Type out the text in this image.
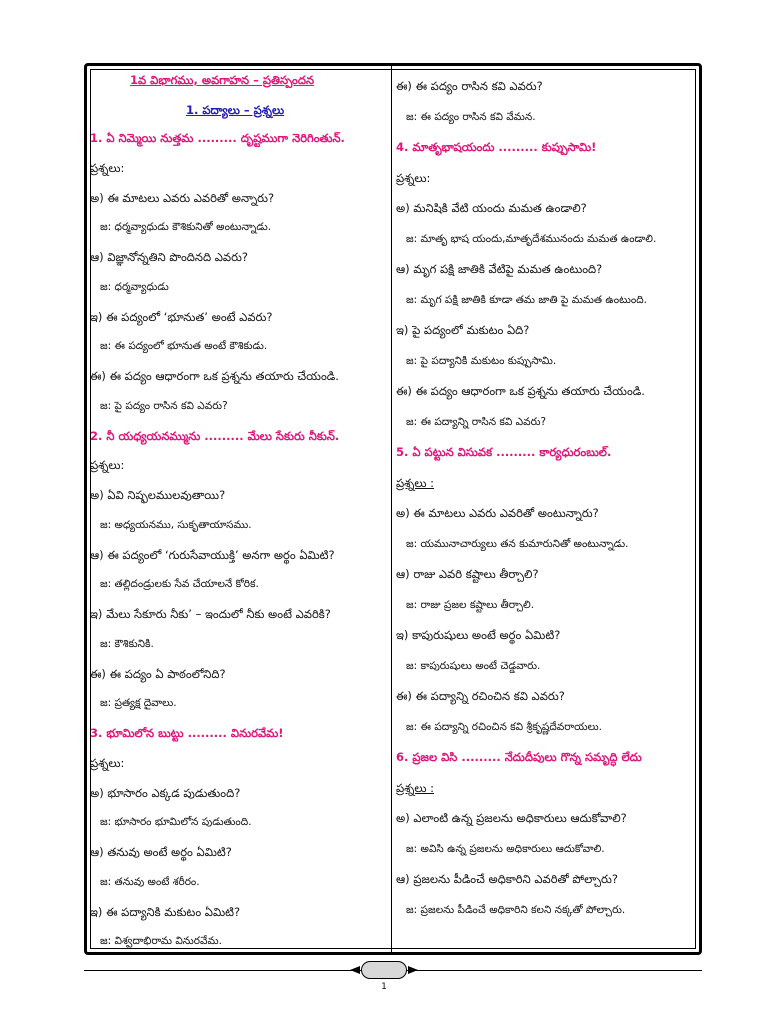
1వ విభాగము, అవగాహన – ప్రతిస్పందన
1. పద్యాలు – ప్రశ్నలు
1. ఏ నిమ్మెయి నుత్తమ ......... దృష్టముగా నెరిగింతున్.
ప్రశ్నలు:
అ) ఈ మాటలు ఎవరు ఎవరితో అన్నారు?
జ: ధర్మవ్యాధుడు కౌశికునితో అంటున్నాడు.
ఆ) విజ్ఞానోన్నతిని పొందినది ఎవరు?
జ: ధర్మవ్యాధుడు
ఇ) ఈ పద్యంలో ‘భూనుత’ అంటే ఎవరు?
జ: ఈ పద్యంలో భూనుత అంటే కౌశికుడు.
ఈ) ఈ పద్యం ఆధారంగా ఒక ప్రశ్నను తయారు చేయండి.
జ: పై పద్యం రాసిన కవి ఎవరు?
2. నీ యధ్యయనమ్మును ......... మేలు సేకురు నీకున్.
ప్రశ్నలు:
అ) ఏవి నిష్ఫలములవుతాయి?
జ: అధ్యయనము, సుకృతాయాసము.
ఆ) ఈ పద్యంలో ‘గురుసేవాయుక్తి’ అనగా అర్థం ఏమిటి?
జ: తల్లిదండ్రులకు సేవ చేయాలనే కోరిక.
ఇ) మేలు సేకూరు నీకు’ – ఇందులో నీకు అంటే ఎవరికి?
జ: కౌశికునికి.
ఈ) ఈ పద్యం ఏ పాఠంలోనిది?
జ: ప్రత్యక్ష దైవాలు.
3. భూమిలోన బుట్టు ......... వినురవేమ!
ప్రశ్నలు:
అ) భూసారం ఎక్కడ పుడుతుంది?
జ: భూసారం భూమిలోన పుడుతుంది.
ఆ) తనువు అంటే అర్థం ఏమిటి?
జ: తనువు అంటే శరీరం.
ఇ) ఈ పద్యానికి మకుటం ఏమిటి?
జ: విశ్వదాభిరామ వినురవేమ.
ఈ) ఈ పద్యం రాసిన కవి ఎవరు?
జ: ఈ పద్యం రాసిన కవి వేమన.
4. మాతృభాషయందు ......... కుప్పుసామి!
ప్రశ్నలు:
అ) మనిషికి వేటి యందు మమత ఉండాలి?
జ: మాతృ భాష యందు,మాతృదేశమునందు మమత ఉండాలి.
ఆ) మృగ పక్షి జాతికి వేటిపై మమత ఉంటుంది?
జ: మృగ పక్షి జాతికి కూడా తమ జాతి పై మమత ఉంటుంది.
ఇ) పై పద్యంలో మకుటం ఏది?
జ: పై పద్యానికి మకుటం కుప్పుసామి.
ఈ) ఈ పద్యం ఆధారంగా ఒక ప్రశ్నను తయారు చేయండి.
జ: ఈ పద్యాన్ని రాసిన కవి ఎవరు?
5. ఏ పట్టున విసువక ......... కార్యధురంబుల్.
ప్రశ్నలు :
అ) ఈ మాటలు ఎవరు ఎవరితో అంటున్నారు?
జ: యమునాచార్యులు తన కుమారునితో అంటున్నాడు.
ఆ) రాజు ఎవరి కష్టాలు తీర్చాలి?
జ: రాజు ప్రజల కష్టాలు తీర్చాలి.
ఇ) కాపురుషులు అంటే అర్థం ఏమిటి?
జ: కాపురుషులు అంటే చెడ్డవారు.
ఈ) ఈ పద్యాన్ని రచించిన కవి ఎవరు?
జ: ఈ పద్యాన్ని రచించిన కవి శ్రీకృష్ణదేవరాయలు.
6. ప్రజల విసి ......... నేదుదీపులు గొన్న సమృద్ధి లేదు
ప్రశ్నలు :
అ) ఎలాంటి ఉన్న ప్రజలను అధికారులు ఆదుకోవాలి?
జ: అవిసి ఉన్న ప్రజలను అధికారులు ఆదుకోవాలి.
ఆ) ప్రజలను పీడించే అధికారిని ఎవరితో పోల్చారు?
జ: ప్రజలను పీడించే అధికారిని కలని నక్కతో పోల్చారు.
1
